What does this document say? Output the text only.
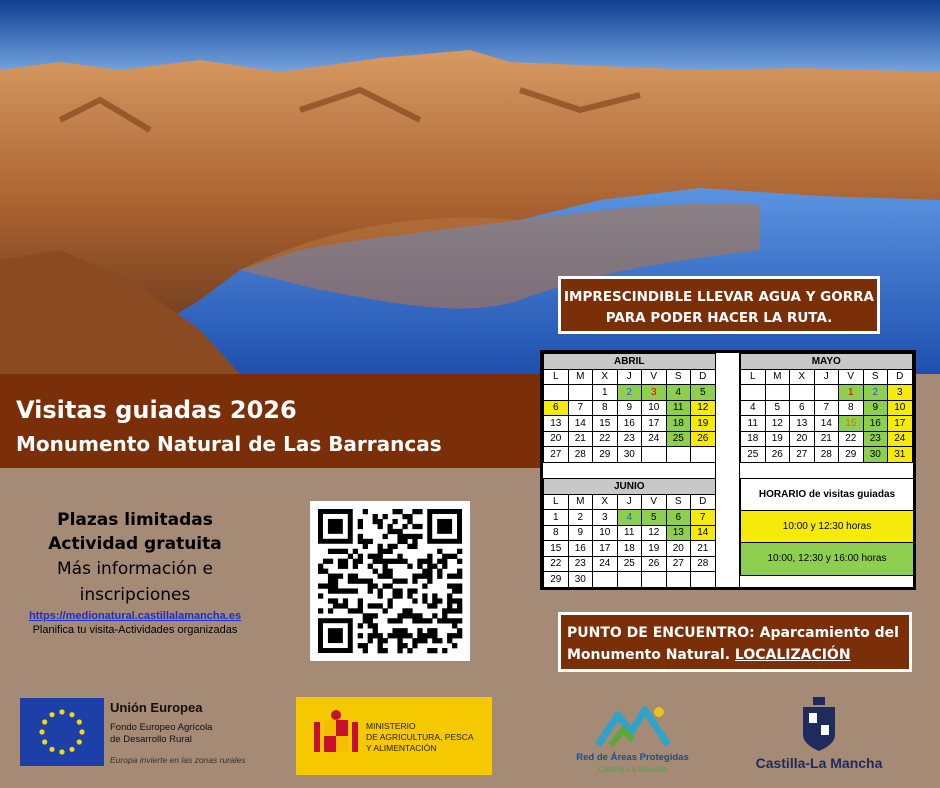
Visitas guiadas 2026
Monumento Natural de Las Barrancas
IMPRESCINDIBLE LLEVAR AGUA Y GORRA
PARA PODER HACER LA RUTA.
ABRIL						
L	M	X	J	V	S	D
		1	2	3	4	5
6	7	8	9	10	11	12
13	14	15	16	17	18	19
20	21	22	23	24	25	26
27	28	29	30			
MAYO						
L	M	X	J	V	S	D
				1	2	3
4	5	6	7	8	9	10
11	12	13	14	15	16	17
18	19	20	21	22	23	24
25	26	27	28	29	30	31
JUNIO						
L	M	X	J	V	S	D
1	2	3	4	5	6	7
8	9	10	11	12	13	14
15	16	17	18	19	20	21
22	23	24	25	26	27	28
29	30					
HORARIO de visitas guiadas
10:00 y 12:30 horas
10:00, 12:30 y 16:00 horas
Plazas limitadas
Actividad gratuita
Más información e
inscripciones
https://medionatural.castillalamancha.es
Planifica tu visita-Actividades organizadas	PUNTO DE ENCUENTRO: Aparcamiento del Monumento Natural. LOCALIZACIÓN
Unión Europea
Fondo Europeo Agrícola
de Desarrollo Rural
Europa invierte en las zonas rurales
MINISTERIO
DE AGRICULTURA, PESCA
Y ALIMENTACIÓN
Red de Áreas Protegidas
Castilla-La Mancha	Castilla-La Mancha
